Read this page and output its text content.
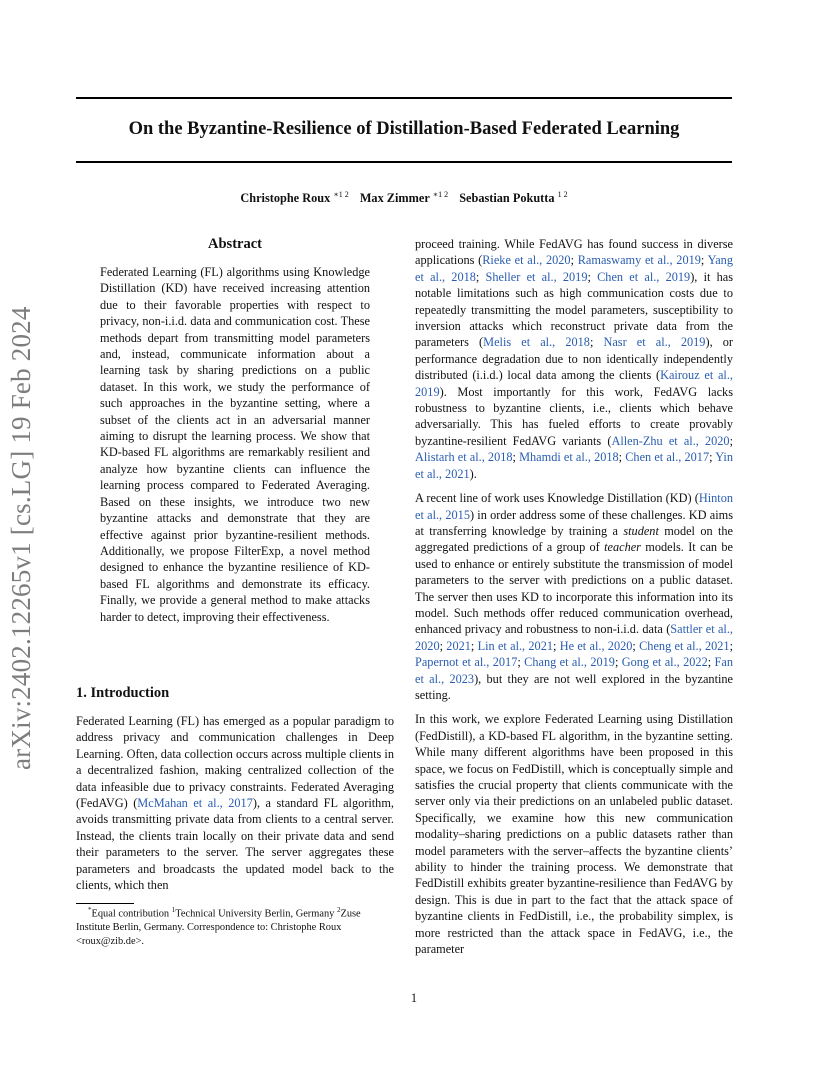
On the Byzantine-Resilience of Distillation-Based Federated Learning
Christophe Roux $^{∗1 2}$ Max Zimmer $^{∗1 2}$ Sebastian Pokutta $^{1 2}$
arXiv:2402.12265v1 [cs.LG] 19 Feb 2024
Abstract

Federated Learning (FL) algorithms using Knowledge Distillation (KD) have received increasing attention due to their favorable properties with respect to privacy, non-i.i.d. data and communication cost. These methods depart from transmitting model parameters and, instead, communicate information about a learning task by sharing predictions on a public dataset. In this work, we study the performance of such approaches in the byzantine setting, where a subset of the clients act in an adversarial manner aiming to disrupt the learning process. We show that KD-based FL algorithms are remarkably resilient and analyze how byzantine clients can influence the learning process compared to Federated Averaging. Based on these insights, we introduce two new byzantine attacks and demonstrate that they are effective against prior byzantine-resilient methods. Additionally, we propose FilterExp, a novel method designed to enhance the byzantine resilience of KD-based FL algorithms and demonstrate its efficacy. Finally, we provide a general method to make attacks harder to detect, improving their effectiveness.

1. Introduction

Federated Learning (FL) has emerged as a popular paradigm to address privacy and communication challenges in Deep Learning. Often, data collection occurs across multiple clients in a decentralized fashion, making centralized collection of the data infeasible due to privacy constraints. Federated Averaging (FedAVG) (McMahan et al., 2017), a standard FL algorithm, avoids transmitting private data from clients to a central server. Instead, the clients train locally on their private data and send their parameters to the server. The server aggregates these parameters and broadcasts the updated model back to the clients, which then

*Equal contribution $^1$Technical University Berlin, Germany $^2$Zuse Institute Berlin, Germany. Correspondence to: Christophe Roux <roux@zib.de>.

proceed training. While FedAVG has found success in diverse applications (Rieke et al., 2020; Ramaswamy et al., 2019; Yang et al., 2018; Sheller et al., 2019; Chen et al., 2019), it has notable limitations such as high communication costs due to repeatedly transmitting the model parameters, susceptibility to inversion attacks which reconstruct private data from the parameters (Melis et al., 2018; Nasr et al., 2019), or performance degradation due to non identically independently distributed (i.i.d.) local data among the clients (Kairouz et al., 2019). Most importantly for this work, FedAVG lacks robustness to byzantine clients, i.e., clients which behave adversarially. This has fueled efforts to create provably byzantine-resilient FedAVG variants (Allen-Zhu et al., 2020; Alistarh et al., 2018; Mhamdi et al., 2018; Chen et al., 2017; Yin et al., 2021).

A recent line of work uses Knowledge Distillation (KD) (Hinton et al., 2015) in order address some of these challenges. KD aims at transferring knowledge by training a student model on the aggregated predictions of a group of teacher models. It can be used to enhance or entirely substitute the transmission of model parameters to the server with predictions on a public dataset. The server then uses KD to incorporate this information into its model. Such methods offer reduced communication overhead, enhanced privacy and robustness to non-i.i.d. data (Sattler et al., 2020; 2021; Lin et al., 2021; He et al., 2020; Cheng et al., 2021; Papernot et al., 2017; Chang et al., 2019; Gong et al., 2022; Fan et al., 2023), but they are not well explored in the byzantine setting.

In this work, we explore Federated Learning using Distillation (FedDistill), a KD-based FL algorithm, in the byzantine setting. While many different algorithms have been proposed in this space, we focus on FedDistill, which is conceptually simple and satisfies the crucial property that clients communicate with the server only via their predictions on an unlabeled public dataset. Specifically, we examine how this new communication modality–sharing predictions on a public datasets rather than model parameters with the server–affects the byzantine clients’ ability to hinder the training process. We demonstrate that FedDistill exhibits greater byzantine-resilience than FedAVG by design. This is due in part to the fact that the attack space of byzantine clients in FedDistill, i.e., the probability simplex, is more restricted than the attack space in FedAVG, i.e., the parameter

1
